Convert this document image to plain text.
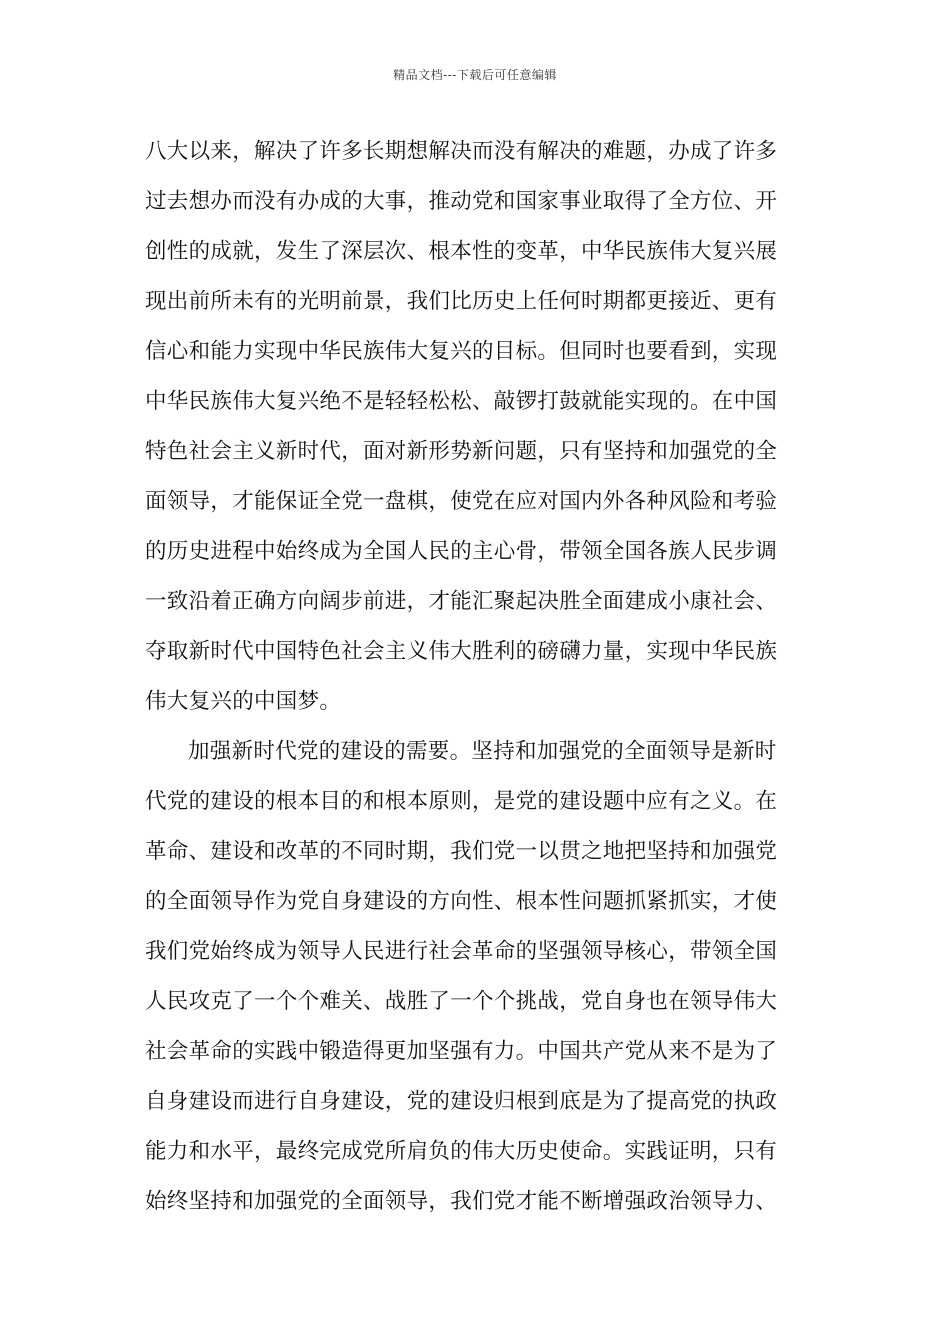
精品文档---下载后可任意编辑
八大以来，解决了许多长期想解决而没有解决的难题，办成了许多
过去想办而没有办成的大事，推动党和国家事业取得了全方位、开
创性的成就，发生了深层次、根本性的变革，中华民族伟大复兴展
现出前所未有的光明前景，我们比历史上任何时期都更接近、更有
信心和能力实现中华民族伟大复兴的目标。但同时也要看到，实现
中华民族伟大复兴绝不是轻轻松松、敲锣打鼓就能实现的。在中国
特色社会主义新时代，面对新形势新问题，只有坚持和加强党的全
面领导，才能保证全党一盘棋，使党在应对国内外各种风险和考验
的历史进程中始终成为全国人民的主心骨，带领全国各族人民步调
一致沿着正确方向阔步前进，才能汇聚起决胜全面建成小康社会、
夺取新时代中国特色社会主义伟大胜利的磅礴力量，实现中华民族
伟大复兴的中国梦。
加强新时代党的建设的需要。坚持和加强党的全面领导是新时
代党的建设的根本目的和根本原则，是党的建设题中应有之义。在
革命、建设和改革的不同时期，我们党一以贯之地把坚持和加强党
的全面领导作为党自身建设的方向性、根本性问题抓紧抓实，才使
我们党始终成为领导人民进行社会革命的坚强领导核心，带领全国
人民攻克了一个个难关、战胜了一个个挑战，党自身也在领导伟大
社会革命的实践中锻造得更加坚强有力。中国共产党从来不是为了
自身建设而进行自身建设，党的建设归根到底是为了提高党的执政
能力和水平，最终完成党所肩负的伟大历史使命。实践证明，只有
始终坚持和加强党的全面领导，我们党才能不断增强政治领导力、
